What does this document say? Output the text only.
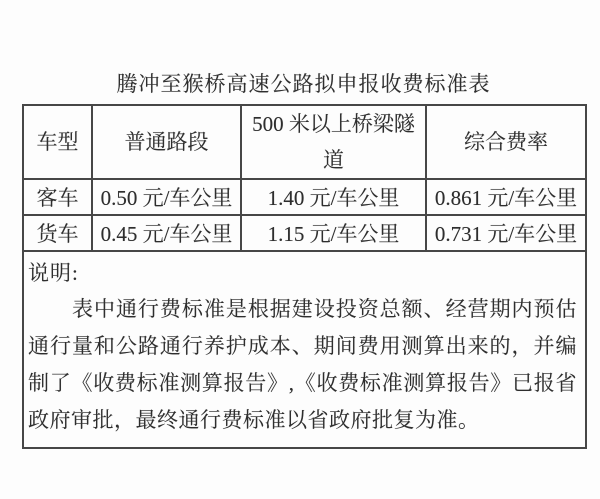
腾冲至猴桥高速公路拟申报收费标准表
车型	普通路段	500 米以上桥梁隧道	综合费率
客车	0.50 元/车公里	1.40 元/车公里	0.861 元/车公里
货车	0.45 元/车公里	1.15 元/车公里	0.731 元/车公里

说明:

表中通行费标准是根据建设投资总额、经营期内预估通行量和公路通行养护成本、期间费用测算出来的，并编制了《收费标准测算报告》,《收费标准测算报告》已报省政府审批，最终通行费标准以省政府批复为准。			
